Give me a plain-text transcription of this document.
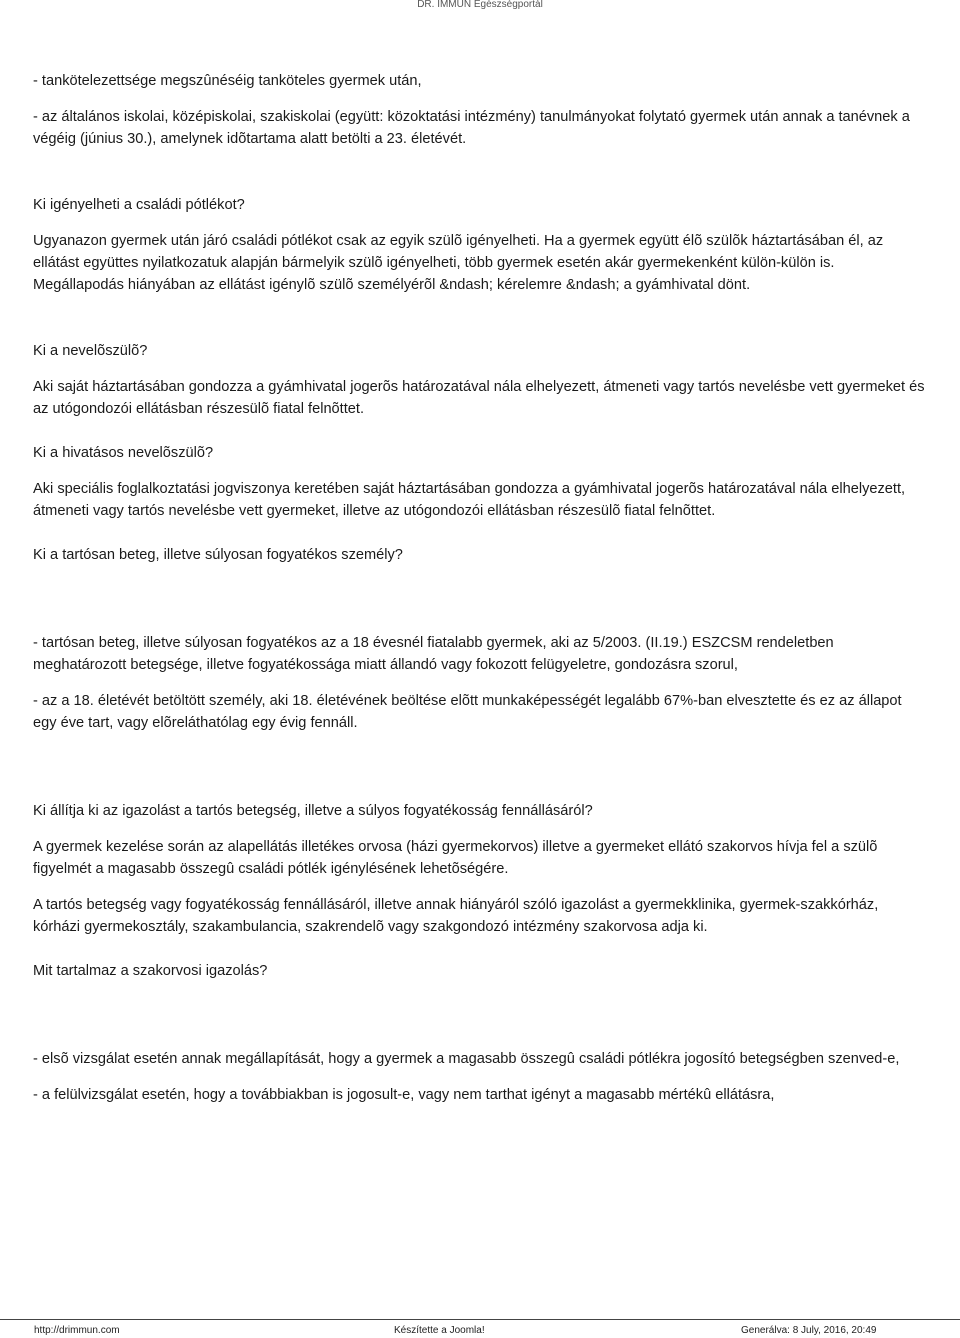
DR. IMMUN Egészségportál

- tankötelezettsége megszûnéséig tanköteles gyermek után,

- az általános iskolai, középiskolai, szakiskolai (együtt: közoktatási intézmény) tanulmányokat folytató gyermek után annak a tanévnek a végéig (június 30.), amelynek idõtartama alatt betölti a 23. életévét.

Ki igényelheti a családi pótlékot?

Ugyanazon gyermek után járó családi pótlékot csak az egyik szülõ igényelheti. Ha a gyermek együtt élõ szülõk háztartásában él, az ellátást együttes nyilatkozatuk alapján bármelyik szülõ igényelheti, több gyermek esetén akár gyermekenként külön-külön is. Megállapodás hiányában az ellátást igénylõ szülõ személyérõl &ndash; kérelemre &ndash; a gyámhivatal dönt.

Ki a nevelõszülõ?

Aki saját háztartásában gondozza a gyámhivatal jogerõs határozatával nála elhelyezett, átmeneti vagy tartós nevelésbe vett gyermeket és az utógondozói ellátásban részesülõ fiatal felnõttet.

Ki a hivatásos nevelõszülõ?

Aki speciális foglalkoztatási jogviszonya keretében saját háztartásában gondozza a gyámhivatal jogerõs határozatával nála elhelyezett, átmeneti vagy tartós nevelésbe vett gyermeket, illetve az utógondozói ellátásban részesülõ fiatal felnõttet.

Ki a tartósan beteg, illetve súlyosan fogyatékos személy?

- tartósan beteg, illetve súlyosan fogyatékos az a 18 évesnél fiatalabb gyermek, aki az 5/2003. (II.19.) ESZCSM rendeletben meghatározott betegsége, illetve fogyatékossága miatt állandó vagy fokozott felügyeletre, gondozásra szorul,

- az a 18. életévét betöltött személy, aki 18. életévének beöltése elõtt munkaképességét legalább 67%-ban elvesztette és ez az állapot egy éve tart, vagy elõreláthatólag egy évig fennáll.

Ki állítja ki az igazolást a tartós betegség, illetve a súlyos fogyatékosság fennállásáról?

A gyermek kezelése során az alapellátás illetékes orvosa (házi gyermekorvos) illetve a gyermeket ellátó szakorvos hívja fel a szülõ figyelmét a magasabb összegû családi pótlék igénylésének lehetõségére.

A tartós betegség vagy fogyatékosság fennállásáról, illetve annak hiányáról szóló igazolást a gyermekklinika, gyermek-szakkórház, kórházi gyermekosztály, szakambulancia, szakrendelõ vagy szakgondozó intézmény szakorvosa adja ki.

Mit tartalmaz a szakorvosi igazolás?

- elsõ vizsgálat esetén annak megállapítását, hogy a gyermek a magasabb összegû családi pótlékra jogosító betegségben szenved-e,

- a felülvizsgálat esetén, hogy a továbbiakban is jogosult-e, vagy nem tarthat igényt a magasabb mértékû ellátásra,

http://drimmun.com	Készítette a Joomla!	Generálva: 8 July, 2016, 20:49
